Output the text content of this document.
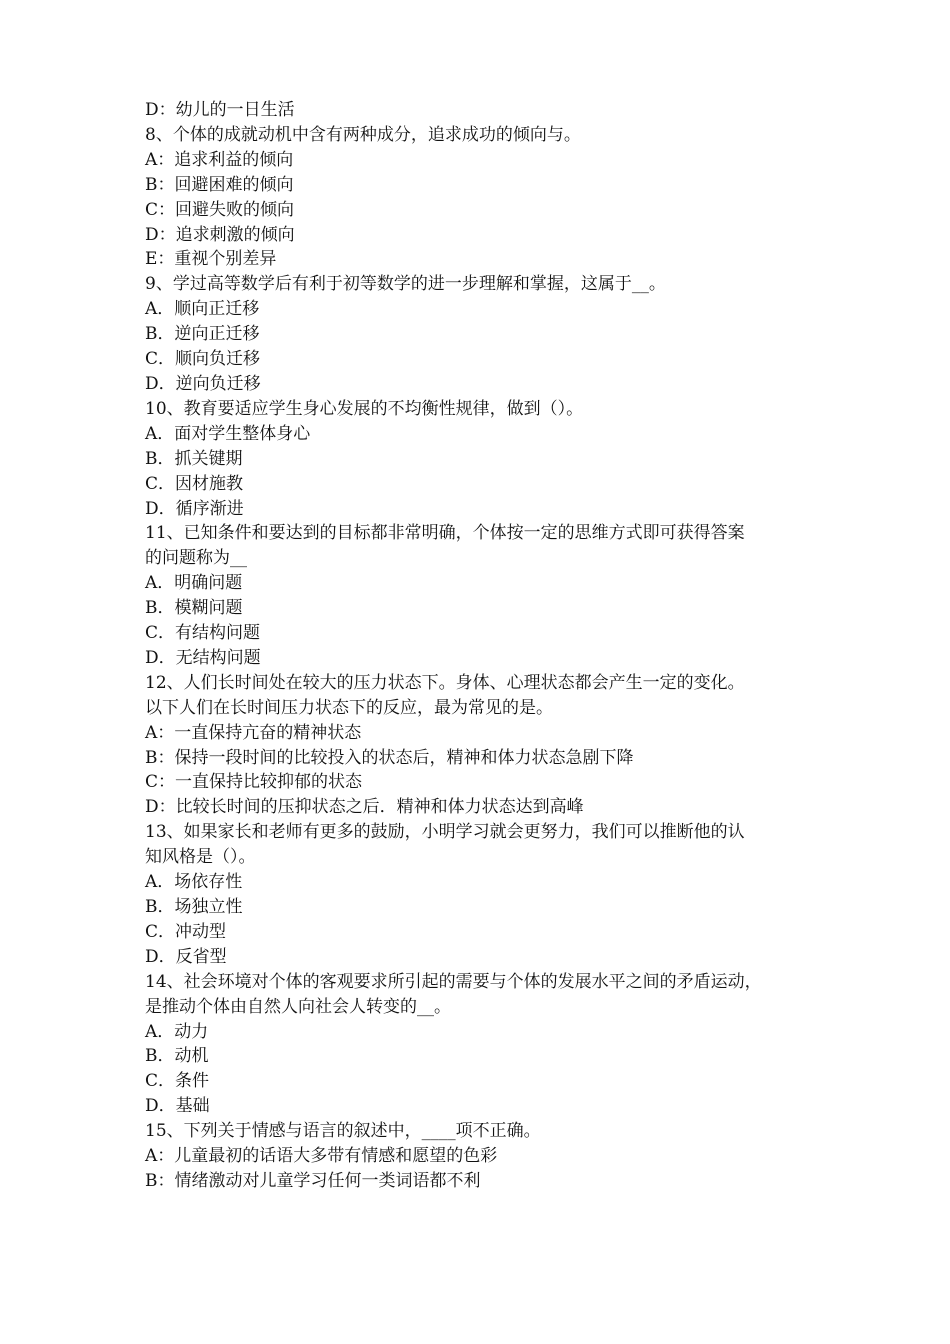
D：幼儿的一日生活
8、个体的成就动机中含有两种成分，追求成功的倾向与。
A：追求利益的倾向
B：回避困难的倾向
C：回避失败的倾向
D：追求刺激的倾向
E：重视个别差异
9、学过高等数学后有利于初等数学的进一步理解和掌握，这属于__。
A．顺向正迁移
B．逆向正迁移
C．顺向负迁移
D．逆向负迁移
10、教育要适应学生身心发展的不均衡性规律，做到（）。
A．面对学生整体身心
B．抓关键期
C．因材施教
D．循序渐进
11、已知条件和要达到的目标都非常明确，个体按一定的思维方式即可获得答案
的问题称为__
A．明确问题
B．模糊问题
C．有结构问题
D．无结构问题
12、人们长时间处在较大的压力状态下。身体、心理状态都会产生一定的变化。
以下人们在长时间压力状态下的反应，最为常见的是。
A：一直保持亢奋的精神状态
B：保持一段时间的比较投入的状态后，精神和体力状态急剧下降
C：一直保持比较抑郁的状态
D：比较长时间的压抑状态之后．精神和体力状态达到高峰
13、如果家长和老师有更多的鼓励，小明学习就会更努力，我们可以推断他的认
知风格是（）。
A．场依存性
B．场独立性
C．冲动型
D．反省型
14、社会环境对个体的客观要求所引起的需要与个体的发展水平之间的矛盾运动，
是推动个体由自然人向社会人转变的__。
A．动力
B．动机
C．条件
D．基础
15、下列关于情感与语言的叙述中，____项不正确。
A：儿童最初的话语大多带有情感和愿望的色彩
B：情绪激动对儿童学习任何一类词语都不利
